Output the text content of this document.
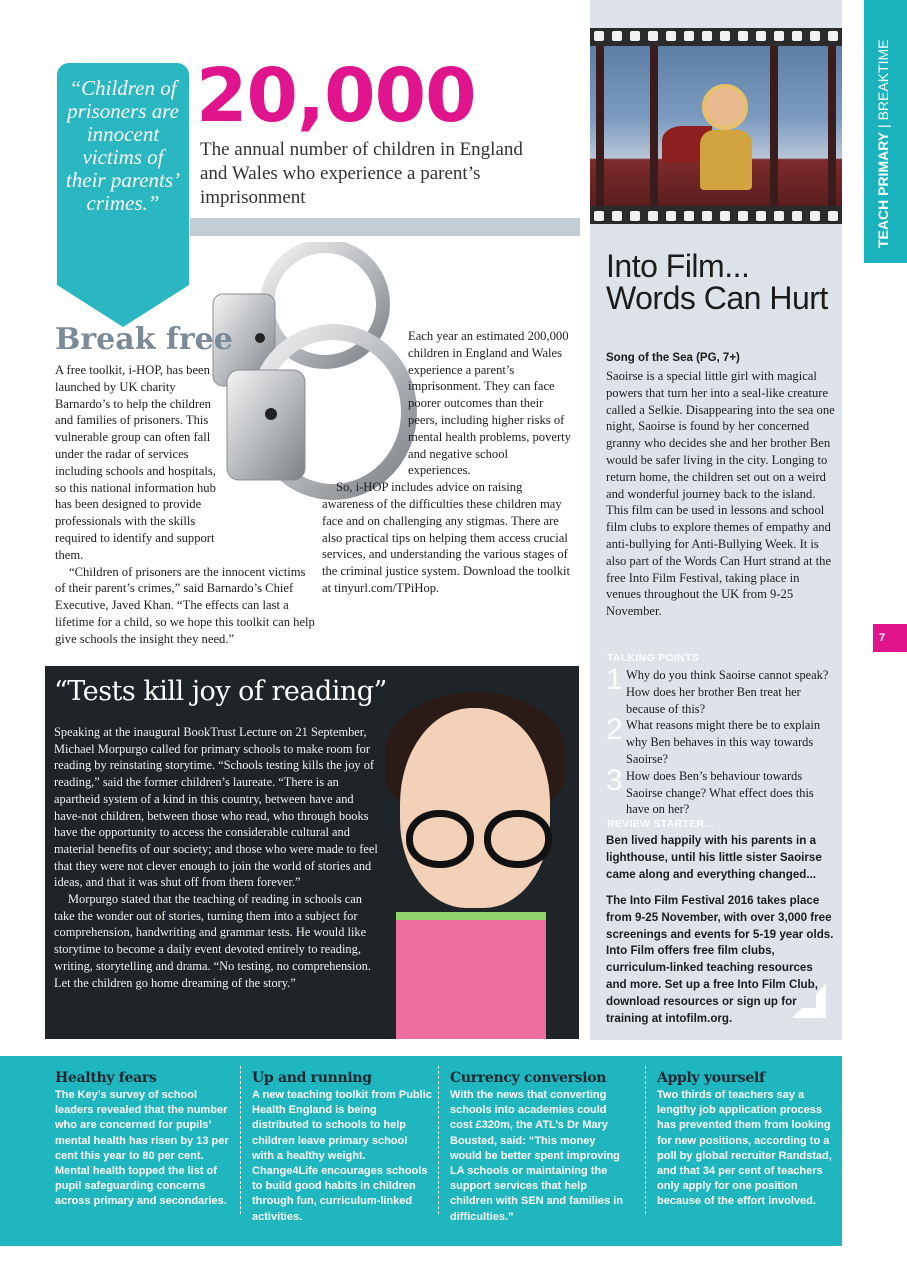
TEACH PRIMARY | BREAKTIME
7

“Children of prisoners are innocent victims of their parents’ crimes.”

20,000
The annual number of children in England and Wales who experience a parent’s imprisonment
Break free

A free toolkit, i-HOP, has been launched by UK charity Barnardo’s to help the children and families of prisoners. This vulnerable group can often fall under the radar of services including schools and hospitals, so this national information hub has been designed to provide professionals with the skills required to identify and support them.

“Children of prisoners are the innocent victims of their parent’s crimes,” said Barnardo’s Chief Executive, Javed Khan. “The effects can last a lifetime for a child, so we hope this toolkit can help give schools the insight they need.”

Each year an estimated 200,000 children in England and Wales experience a parent’s imprisonment. They can face poorer outcomes than their peers, including higher risks of mental health problems, poverty and negative school experiences.

So, i-HOP includes advice on raising awareness of the difficulties these children may face and on challenging any stigmas. There are also practical tips on helping them access crucial services, and understanding the various stages of the criminal justice system. Download the toolkit at tinyurl.com/TPiHop.

“Tests kill joy of reading”

Speaking at the inaugural BookTrust Lecture on 21 September, Michael Morpurgo called for primary schools to make room for reading by reinstating storytime. “Schools testing kills the joy of reading,” said the former children’s laureate. “There is an apartheid system of a kind in this country, between have and have-not children, between those who read, who through books have the opportunity to access the considerable cultural and material benefits of our society; and those who were made to feel that they were not clever enough to join the world of stories and ideas, and that it was shut off from them forever.”

Morpurgo stated that the teaching of reading in schools can take the wonder out of stories, turning them into a subject for comprehension, handwriting and grammar tests. He would like storytime to become a daily event devoted entirely to reading, writing, storytelling and drama. “No testing, no comprehension. Let the children go home dreaming of the story.”

Into Film... Words Can Hurt
Song of the Sea (PG, 7+)
Saoirse is a special little girl with magical powers that turn her into a seal-like creature called a Selkie. Disappearing into the sea one night, Saoirse is found by her concerned granny who decides she and her brother Ben would be safer living in the city. Longing to return home, the children set out on a weird and wonderful journey back to the island. This film can be used in lessons and school film clubs to explore themes of empathy and anti-bullying for Anti-Bullying Week. It is also part of the Words Can Hurt strand at the free Into Film Festival, taking place in venues throughout the UK from 9-25 November.
TALKING POINTS
1 Why do you think Saoirse cannot speak? How does her brother Ben treat her because of this?
2 What reasons might there be to explain why Ben behaves in this way towards Saoirse?
3 How does Ben’s behaviour towards Saoirse change? What effect does this have on her?
REVIEW STARTER...
Ben lived happily with his parents in a lighthouse, until his little sister Saoirse came along and everything changed...
The Into Film Festival 2016 takes place from 9-25 November, with over 3,000 free screenings and events for 5-19 year olds. Into Film offers free film clubs, curriculum-linked teaching resources and more. Set up a free Into Film Club, download resources or sign up for training at intofilm.org.
Healthy fears

The Key’s survey of school leaders revealed that the number who are concerned for pupils’ mental health has risen by 13 per cent this year to 80 per cent. Mental health topped the list of pupil safeguarding concerns across primary and secondaries.

Up and running

A new teaching toolkit from Public Health England is being distributed to schools to help children leave primary school with a healthy weight. Change4Life encourages schools to build good habits in children through fun, curriculum-linked activities.

Currency conversion

With the news that converting schools into academies could cost £320m, the ATL’s Dr Mary Bousted, said: “This money would be better spent improving LA schools or maintaining the support services that help children with SEN and families in difficulties.”

Apply yourself

Two thirds of teachers say a lengthy job application process has prevented them from looking for new positions, according to a poll by global recruiter Randstad, and that 34 per cent of teachers only apply for one position because of the effort involved.
